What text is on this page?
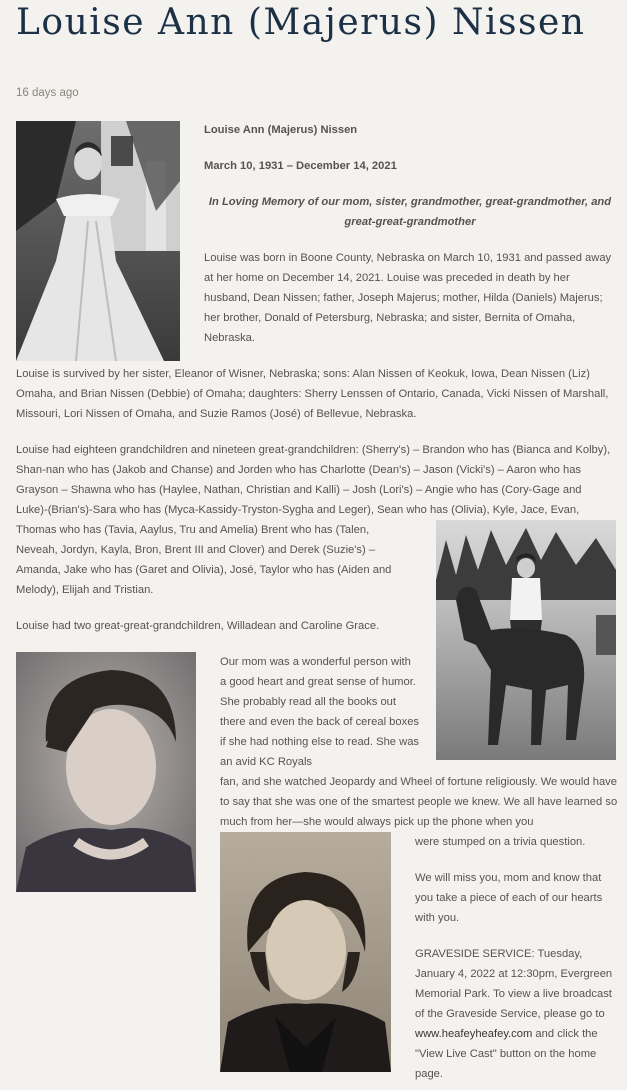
Louise Ann (Majerus) Nissen
16 days ago

Louise Ann (Majerus) Nissen

March 10, 1931 – December 14, 2021

In Loving Memory of our mom, sister, grandmother, great-grandmother, and great-great-grandmother

Louise was born in Boone County, Nebraska on March 10, 1931 and passed away at her home on December 14, 2021. Louise was preceded in death by her husband, Dean Nissen; father, Joseph Majerus; mother, Hilda (Daniels) Majerus; her brother, Donald of Petersburg, Nebraska; and sister, Bernita of Omaha, Nebraska.

Louise is survived by her sister, Eleanor of Wisner, Nebraska; sons: Alan Nissen of Keokuk, Iowa, Dean Nissen (Liz) Omaha, and Brian Nissen (Debbie) of Omaha; daughters: Sherry Lenssen of Ontario, Canada, Vicki Nissen of Marshall, Missouri, Lori Nissen of Omaha, and Suzie Ramos (José) of Bellevue, Nebraska.

Louise had eighteen grandchildren and nineteen great-grandchildren: (Sherry's) – Brandon who has (Bianca and Kolby), Shan-nan who has (Jakob and Chanse) and Jorden who has Charlotte (Dean's) – Jason (Vicki's) – Aaron who has Grayson – Shawna who has (Haylee, Nathan, Christian and Kalli) – Josh (Lori's) – Angie who has (Cory-Gage and Luke)-(Brian's)-Sara who has (Myca-Kassidy-Tryston-Sygha and Leger), Sean who has (Olivia), Kyle, Jace, Evan,

Thomas who has (Tavia, Aaylus, Tru and Amelia) Brent who has (Talen, Neveah, Jordyn, Kayla, Bron, Brent III and Clover) and Derek (Suzie's) – Amanda, Jake who has (Garet and Olivia), José, Taylor who has (Aiden and Melody), Elijah and Tristian.

Louise had two great-great-grandchildren, Willadean and Caroline Grace.

Our mom was a wonderful person with a good heart and great sense of humor. She probably read all the books out there and even the back of cereal boxes if she had nothing else to read. She was an avid KC Royals

fan, and she watched Jeopardy and Wheel of fortune religiously. We would have to say that she was one of the smartest people we knew. We all have learned so much from her—she would always pick up the phone when you

were stumped on a trivia question.

We will miss you, mom and know that you take a piece of each of our hearts with you.

GRAVESIDE SERVICE: Tuesday, January 4, 2022 at 12:30pm, Evergreen Memorial Park. To view a live broadcast of the Graveside Service, please go to www.heafeyheafey.com and click the "View Live Cast" button on the home page.
